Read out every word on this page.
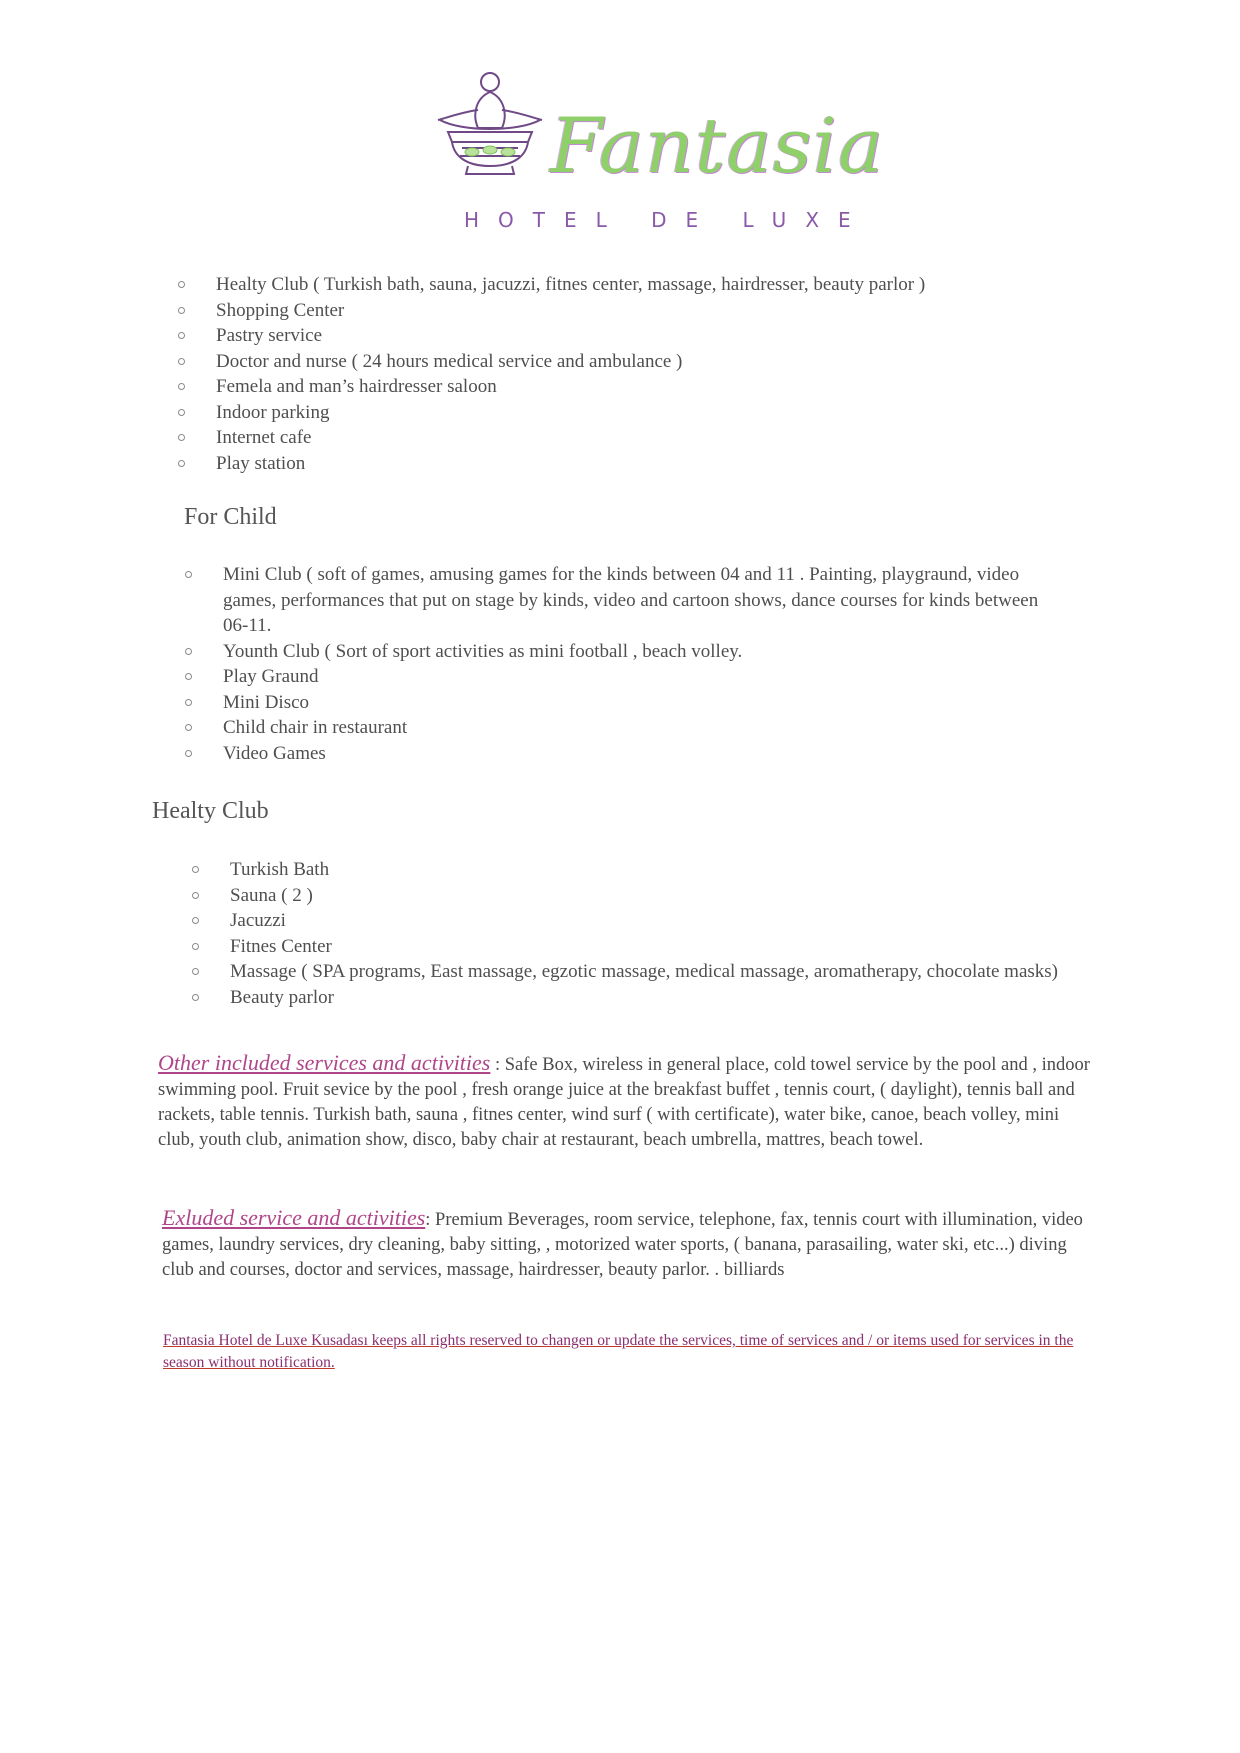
Fantasia
HOTEL DE LUXE
Healty Club ( Turkish bath, sauna, jacuzzi, fitnes center, massage, hairdresser, beauty parlor )
Shopping Center
Pastry service
Doctor and nurse ( 24 hours medical service and ambulance )
Femela and man’s hairdresser saloon
Indoor parking
Internet cafe
Play station
For Child
Mini Club ( soft of games, amusing games for the kinds between 04 and 11 . Painting, playgraund, video games, performances that put on stage by kinds, video and cartoon shows, dance courses for kinds between 06-11.
Younth Club ( Sort of sport activities as mini football , beach volley.
Play Graund
Mini Disco
Child chair in restaurant
Video Games
Healty Club
Turkish Bath
Sauna ( 2 )
Jacuzzi
Fitnes Center
Massage ( SPA programs, East massage, egzotic massage, medical massage, aromatherapy, chocolate masks)
Beauty parlor

Other included services and activities : Safe Box, wireless in general place, cold towel service by the pool and , indoor swimming pool. Fruit sevice by the pool , fresh orange juice at the breakfast buffet , tennis court, ( daylight), tennis ball and rackets, table tennis. Turkish bath, sauna , fitnes center, wind surf ( with certificate), water bike, canoe, beach volley, mini club, youth club, animation show, disco, baby chair at restaurant, beach umbrella, mattres, beach towel.

Exluded service and activities: Premium Beverages, room service, telephone, fax, tennis court with illumination, video games, laundry services, dry cleaning, baby sitting, , motorized water sports, ( banana, parasailing, water ski, etc...) diving club and courses, doctor and services, massage, hairdresser, beauty parlor. . billiards

Fantasia Hotel de Luxe Kusadası keeps all rights reserved to changen or update the services, time of services and / or items used for services in the season without notification.
